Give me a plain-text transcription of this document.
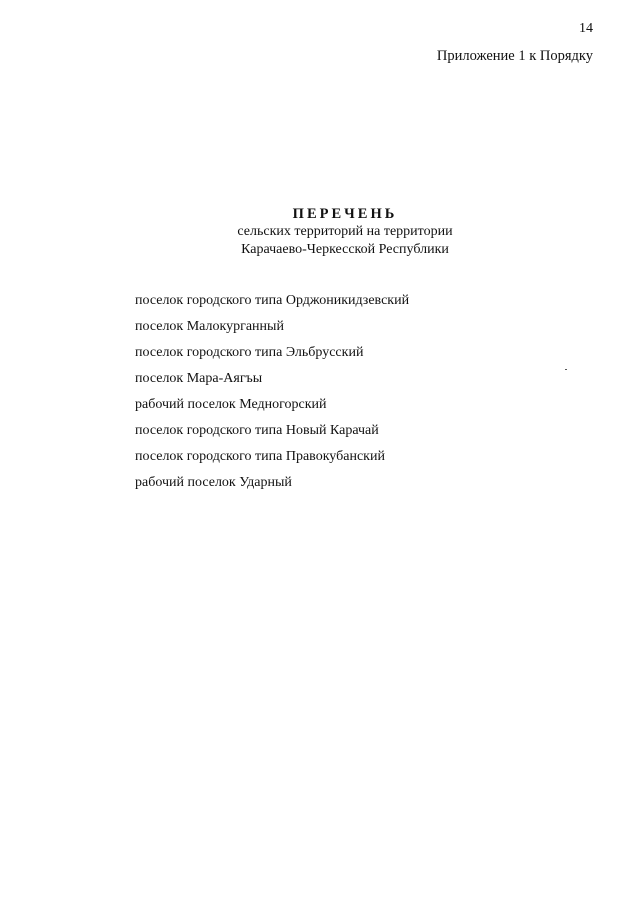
14
Приложение 1 к Порядку
ПЕРЕЧЕНЬ
сельских территорий на территории
Карачаево-Черкесской Республики
поселок городского типа Орджоникидзевский
поселок Малокурганный
поселок городского типа Эльбрусский
поселок Мара-Аягъы
рабочий поселок Медногорский
поселок городского типа Новый Карачай
поселок городского типа Правокубанский
рабочий поселок Ударный
